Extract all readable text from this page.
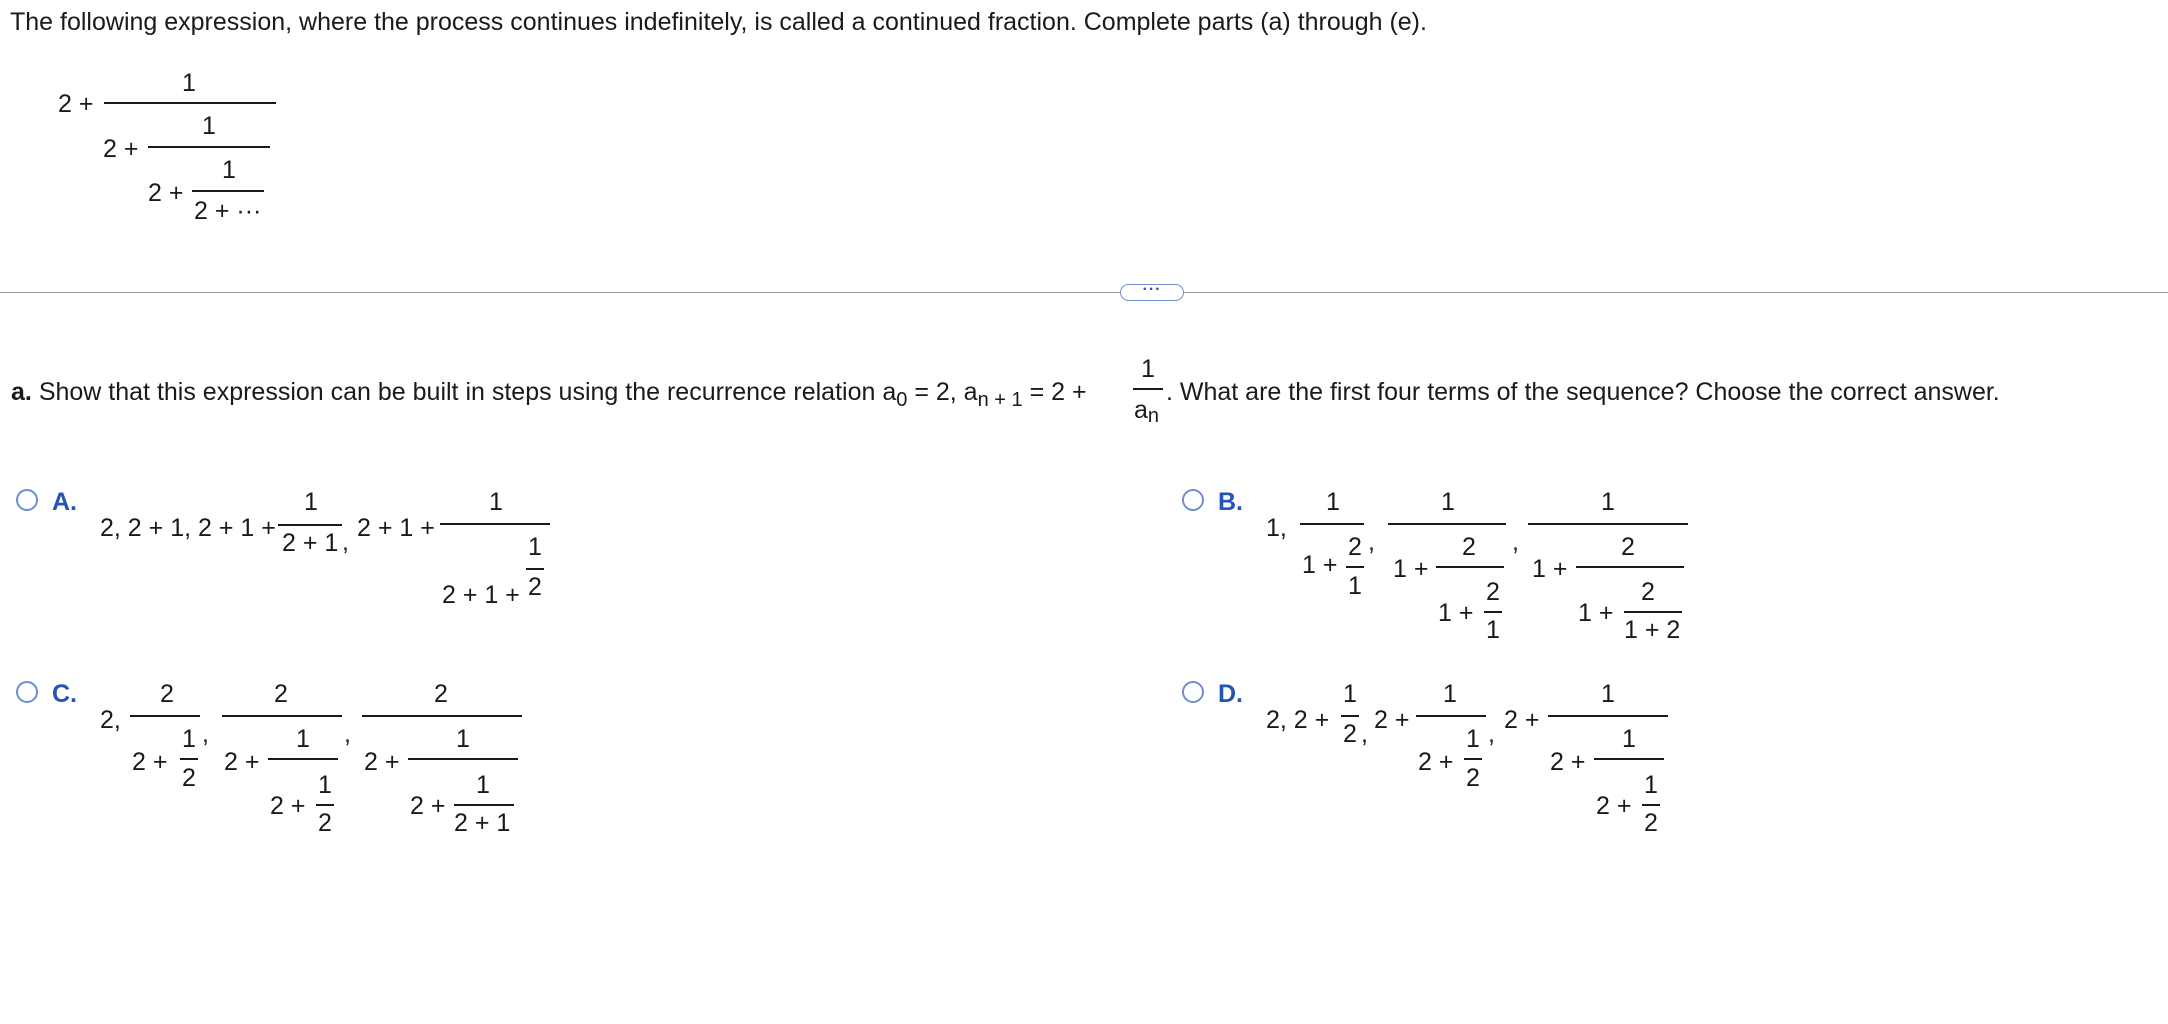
The following expression, where the process continues indefinitely, is called a continued fraction. Complete parts (a) through (e).
2 +
1
2 +
1
2 +
1
2 + ···
···
a. Show that this expression can be built in steps using the recurrence relation $a_0 = 2$, $a_{n + 1} = 2$ +
1
an
. What are the first four terms of the sequence? Choose the correct answer.
A.
2, 2 + 1, 2 + 1 +
1
2 + 1 , 2 + 1 +
1
2 + 1 +
1
2
B.
1,
1
1 +
2
1
,
1
1 +
2
1 +
2
1
,
1
1 +
2
1 +
2
1 + 2
C.
2,
2
2 +
1
2
,
2
2 +
1
2 +
1
2
,
2
2 +
1
2 +
1
2 + 1
D.
2, 2 +
1
2 , 2 +
1
2 +
1
2
, 2 +
1
2 +
1
2 +
1
2
